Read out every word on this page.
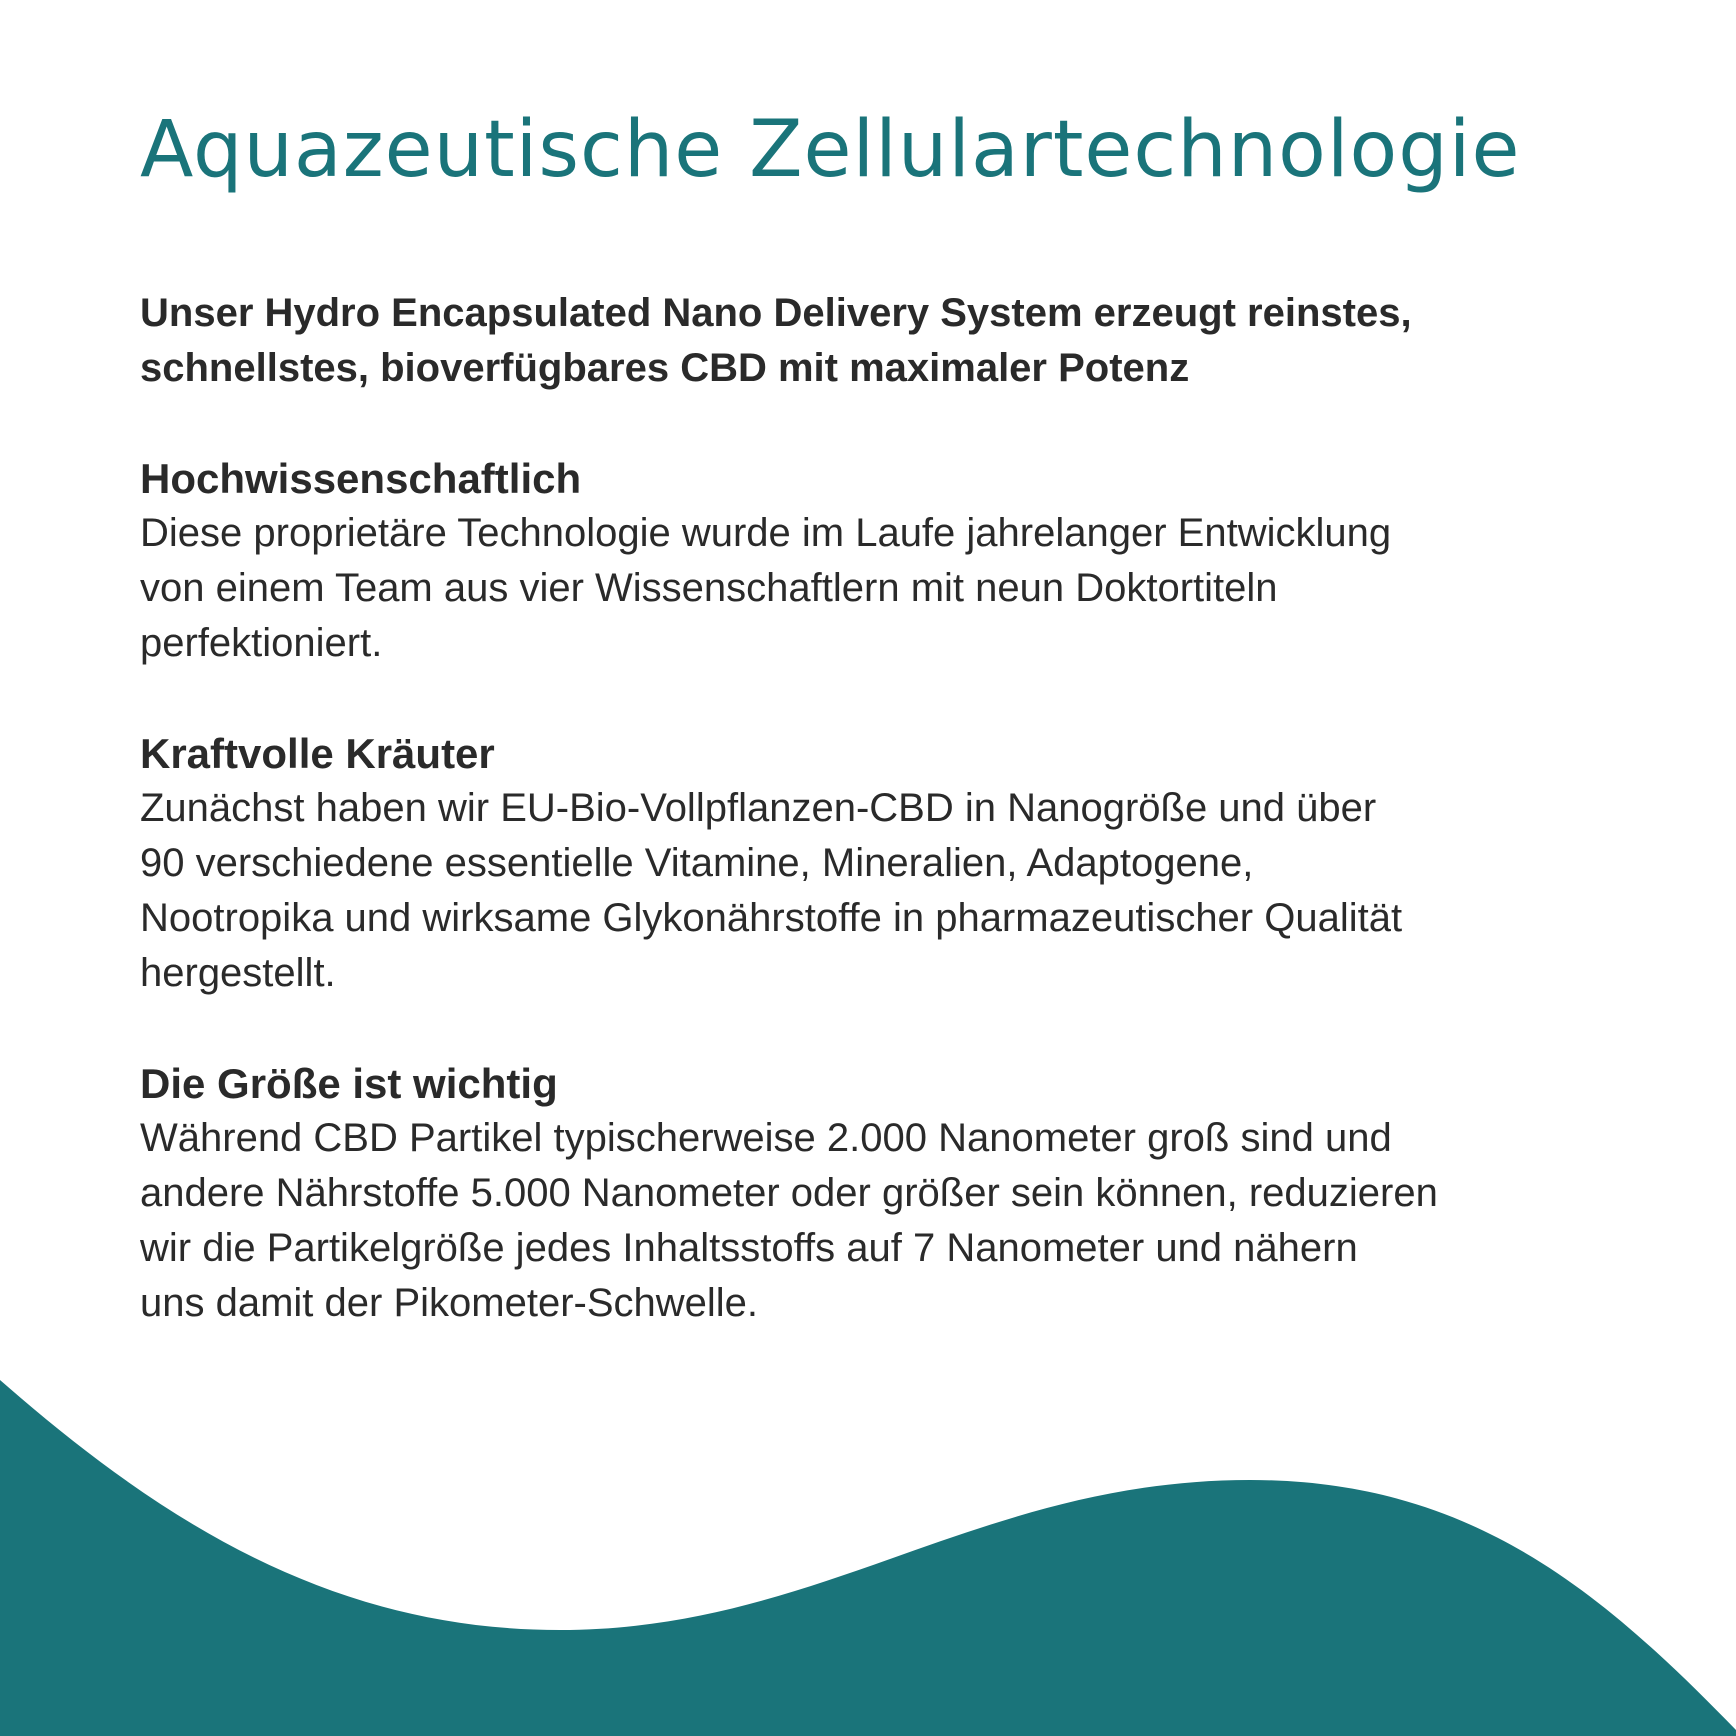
Aquazeutische Zellulartechnologie

Unser Hydro Encapsulated Nano Delivery System erzeugt reinstes,
schnellstes, bioverfügbares CBD mit maximaler Potenz

Hochwissenschaftlich

Diese proprietäre Technologie wurde im Laufe jahrelanger Entwicklung
von einem Team aus vier Wissenschaftlern mit neun Doktortiteln
perfektioniert.

Kraftvolle Kräuter

Zunächst haben wir EU-Bio-Vollpflanzen-CBD in Nanogröße und über
90 verschiedene essentielle Vitamine, Mineralien, Adaptogene,
Nootropika und wirksame Glykonährstoffe in pharmazeutischer Qualität
hergestellt.

Die Größe ist wichtig

Während CBD Partikel typischerweise 2.000 Nanometer groß sind und
andere Nährstoffe 5.000 Nanometer oder größer sein können, reduzieren
wir die Partikelgröße jedes Inhaltsstoffs auf 7 Nanometer und nähern
uns damit der Pikometer-Schwelle.
